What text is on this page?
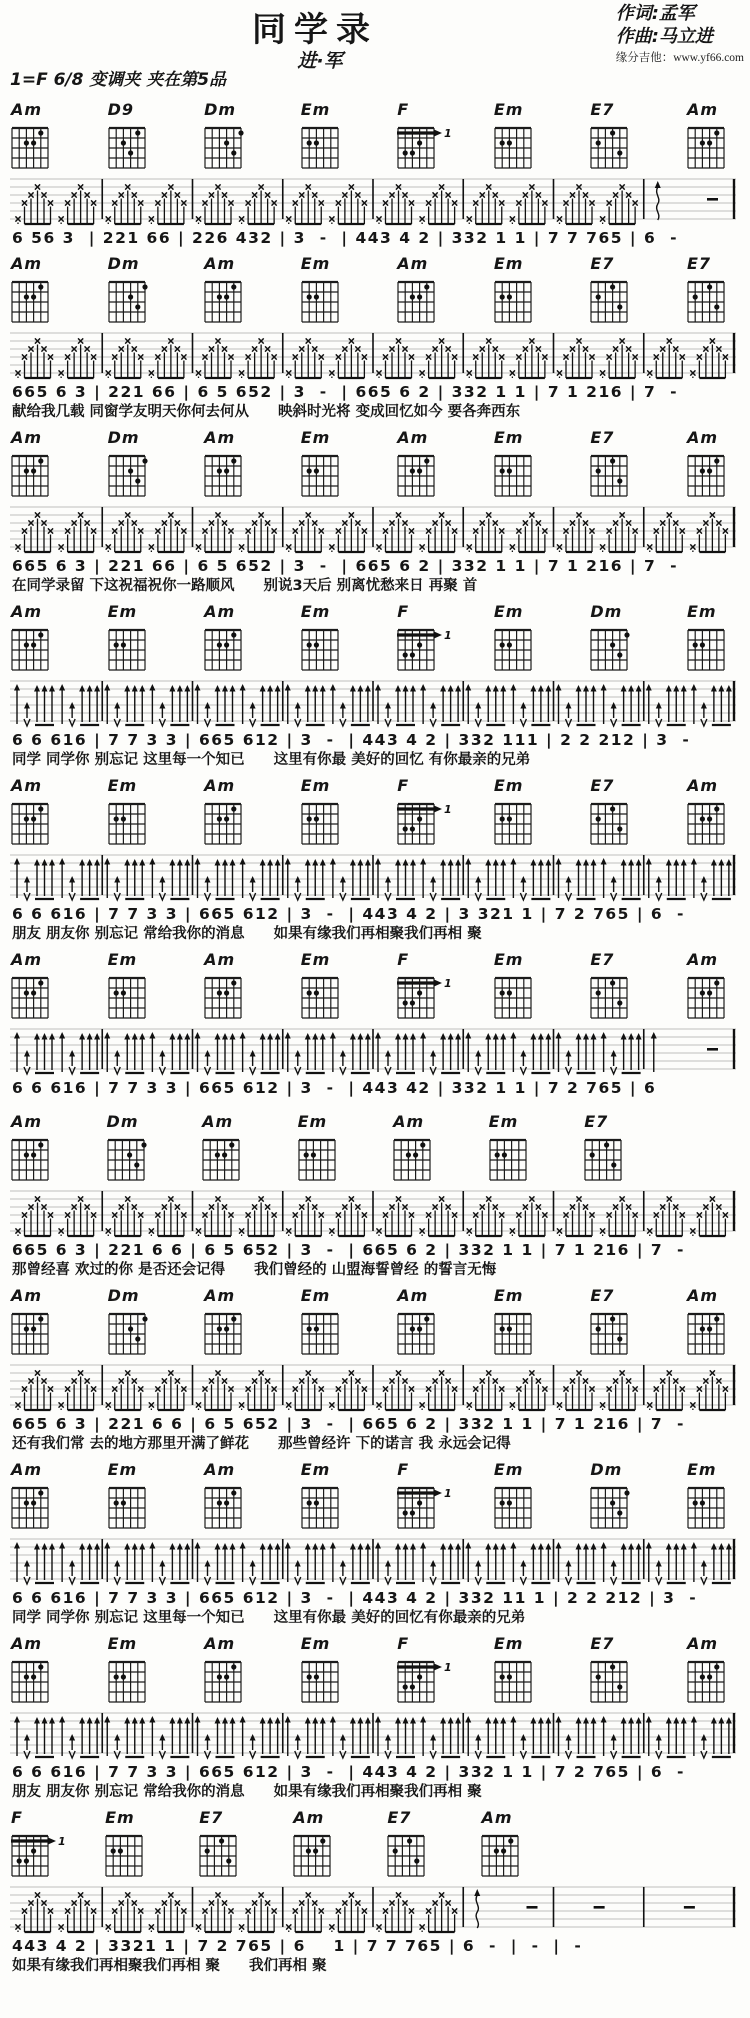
同学录
进·军
1=F 6/8 变调夹 夹在第5品
作词:孟军
作曲:马立进
缘分吉他：www.yf66.com
Am	D9	Dm	Em	F
1
Em	E7	Am
6 56 3  | 221 66 | 226 432 | 3  -  | 443 4 2 | 332 1 1 | 7 7 765 | 6  -
Am	Dm	Am	Em	Am	Em	E7	E7
665 6 3 | 221 66 | 6 5 652 | 3  -  | 665 6 2 | 332 1 1 | 7 1 216 | 7  -
献给我几载 同窗学友明天你何去何从　　映斜时光将 变成回忆如今 要各奔西东
Am	Dm	Am	Em	Am	Em	E7	Am
665 6 3 | 221 66 | 6 5 652 | 3  -  | 665 6 2 | 332 1 1 | 7 1 216 | 7  -
在同学录留 下这祝福祝你一路顺风　　别说3天后 别离忧愁来日 再聚 首
Am	Em	Am	Em	F
1
Em	Dm	Em
6 6 616 | 7 7 3 3 | 665 612 | 3  -  | 443 4 2 | 332 111 | 2 2 212 | 3  -
同学 同学你 别忘记 这里每一个知已　　这里有你最 美好的回忆 有你最亲的兄弟
Am	Em	Am	Em	F
1
Em	E7	Am
6 6 616 | 7 7 3 3 | 665 612 | 3  -  | 443 4 2 | 3 321 1 | 7 2 765 | 6  -
朋友 朋友你 别忘记 常给我你的消息　　如果有缘我们再相聚我们再相 聚
Am	Em	Am	Em	F
1
Em	E7	Am
6 6 616 | 7 7 3 3 | 665 612 | 3  -  | 443 42 | 332 1 1 | 7 2 765 | 6
Am	Dm	Am	Em	Am	Em	E7
665 6 3 | 221 6 6 | 6 5 652 | 3  -  | 665 6 2 | 332 1 1 | 7 1 216 | 7  -
那曾经喜 欢过的你 是否还会记得　　我们曾经的 山盟海誓曾经 的誓言无悔
Am	Dm	Am	Em	Am	Em	E7	Am
665 6 3 | 221 6 6 | 6 5 652 | 3  -  | 665 6 2 | 332 1 1 | 7 1 216 | 7  -
还有我们常 去的地方那里开满了鲜花　　那些曾经许 下的诺言 我 永远会记得
Am	Em	Am	Em	F
1
Em	Dm	Em
6 6 616 | 7 7 3 3 | 665 612 | 3  -  | 443 4 2 | 332 11 1 | 2 2 212 | 3  -
同学 同学你 别忘记 这里每一个知已　　这里有你最 美好的回忆有你最亲的兄弟
Am	Em	Am	Em	F
1
Em	E7	Am
6 6 616 | 7 7 3 3 | 665 612 | 3  -  | 443 4 2 | 332 1 1 | 7 2 765 | 6  -
朋友 朋友你 别忘记 常给我你的消息　　如果有缘我们再相聚我们再相 聚
F
1
Em	E7	Am	E7	Am
443 4 2 | 3321 1 | 7 2 765 | 6    1 | 7 7 765 | 6  -  |  -  |  -
如果有缘我们再相聚我们再相 聚　　我们再相 聚
